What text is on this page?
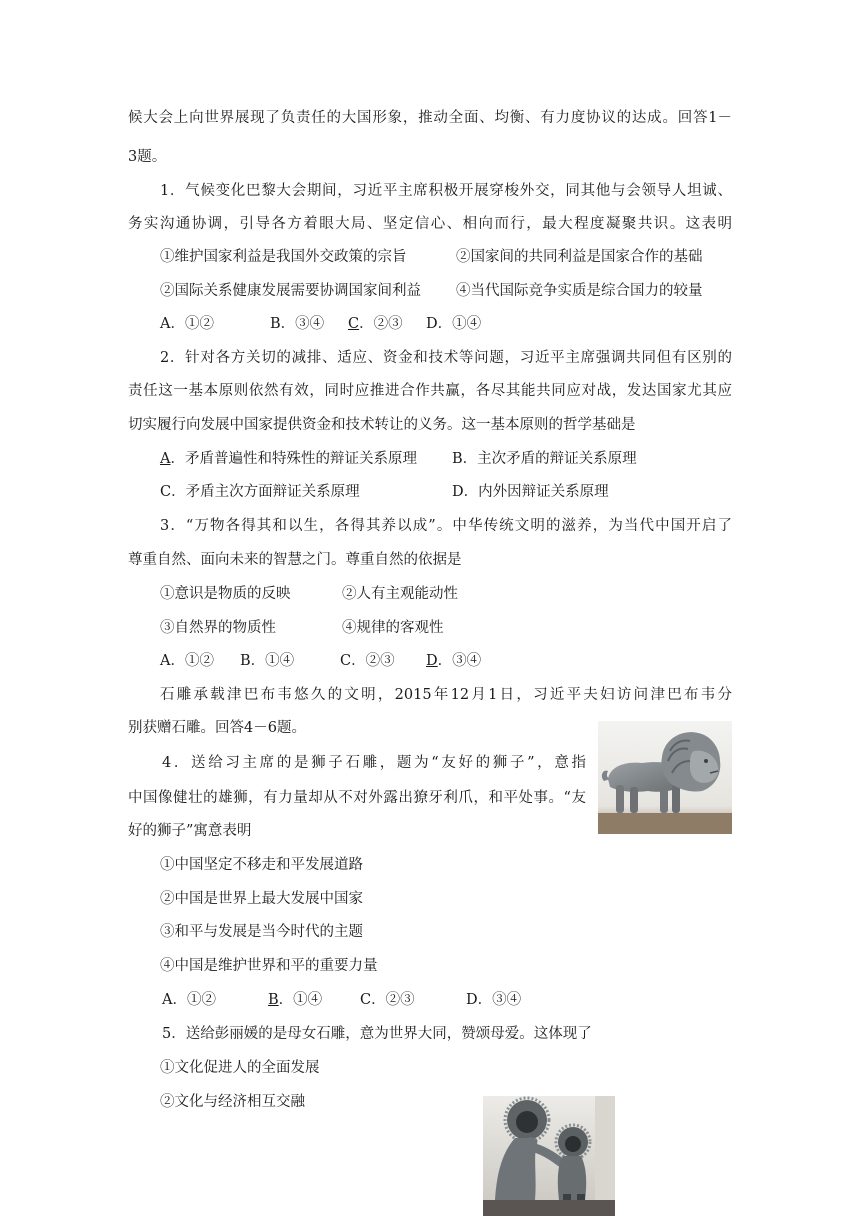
候大会上向世界展现了负责任的大国形象，推动全面、均衡、有力度协议的达成。回答1－
3题。
1．气候变化巴黎大会期间，习近平主席积极开展穿梭外交，同其他与会领导人坦诚、
务实沟通协调，引导各方着眼大局、坚定信心、相向而行，最大程度凝聚共识。这表明
①维护国家利益是我国外交政策的宗旨	②国家间的共同利益是国家合作的基础
②国际关系健康发展需要协调国家间利益 ④当代国际竞争实质是综合国力的较量
A．①②	B．③④ C．②③ D．①④
2．针对各方关切的减排、适应、资金和技术等问题，习近平主席强调共同但有区别的
责任这一基本原则依然有效，同时应推进合作共赢，各尽其能共同应对战，发达国家尤其应
切实履行向发展中国家提供资金和技术转让的义务。这一基本原则的哲学基础是
A．矛盾普遍性和特殊性的辩证关系原理 B．主次矛盾的辩证关系原理
C．矛盾主次方面辩证关系原理	D．内外因辩证关系原理
3．“万物各得其和以生，各得其养以成”。中华传统文明的滋养，为当代中国开启了
尊重自然、面向未来的智慧之门。尊重自然的依据是
①意识是物质的反映	②人有主观能动性
③自然界的物质性	④规律的客观性
A．①② B．①④	C．②③ D．③④
石雕承载津巴布韦悠久的文明，2015年12月1日，习近平夫妇访问津巴布韦分
别获赠石雕。回答4－6题。
4．送给习主席的是狮子石雕，题为“友好的狮子”，意指
中国像健壮的雄狮，有力量却从不对外露出獠牙利爪，和平处事。“友
好的狮子”寓意表明
①中国坚定不移走和平发展道路
②中国是世界上最大发展中国家
③和平与发展是当今时代的主题
④中国是维护世界和平的重要力量
A．①②	B．①④	C．②③	D．③④
5．送给彭丽媛的是母女石雕，意为世界大同，赞颂母爱。这体现了
①文化促进人的全面发展
②文化与经济相互交融
